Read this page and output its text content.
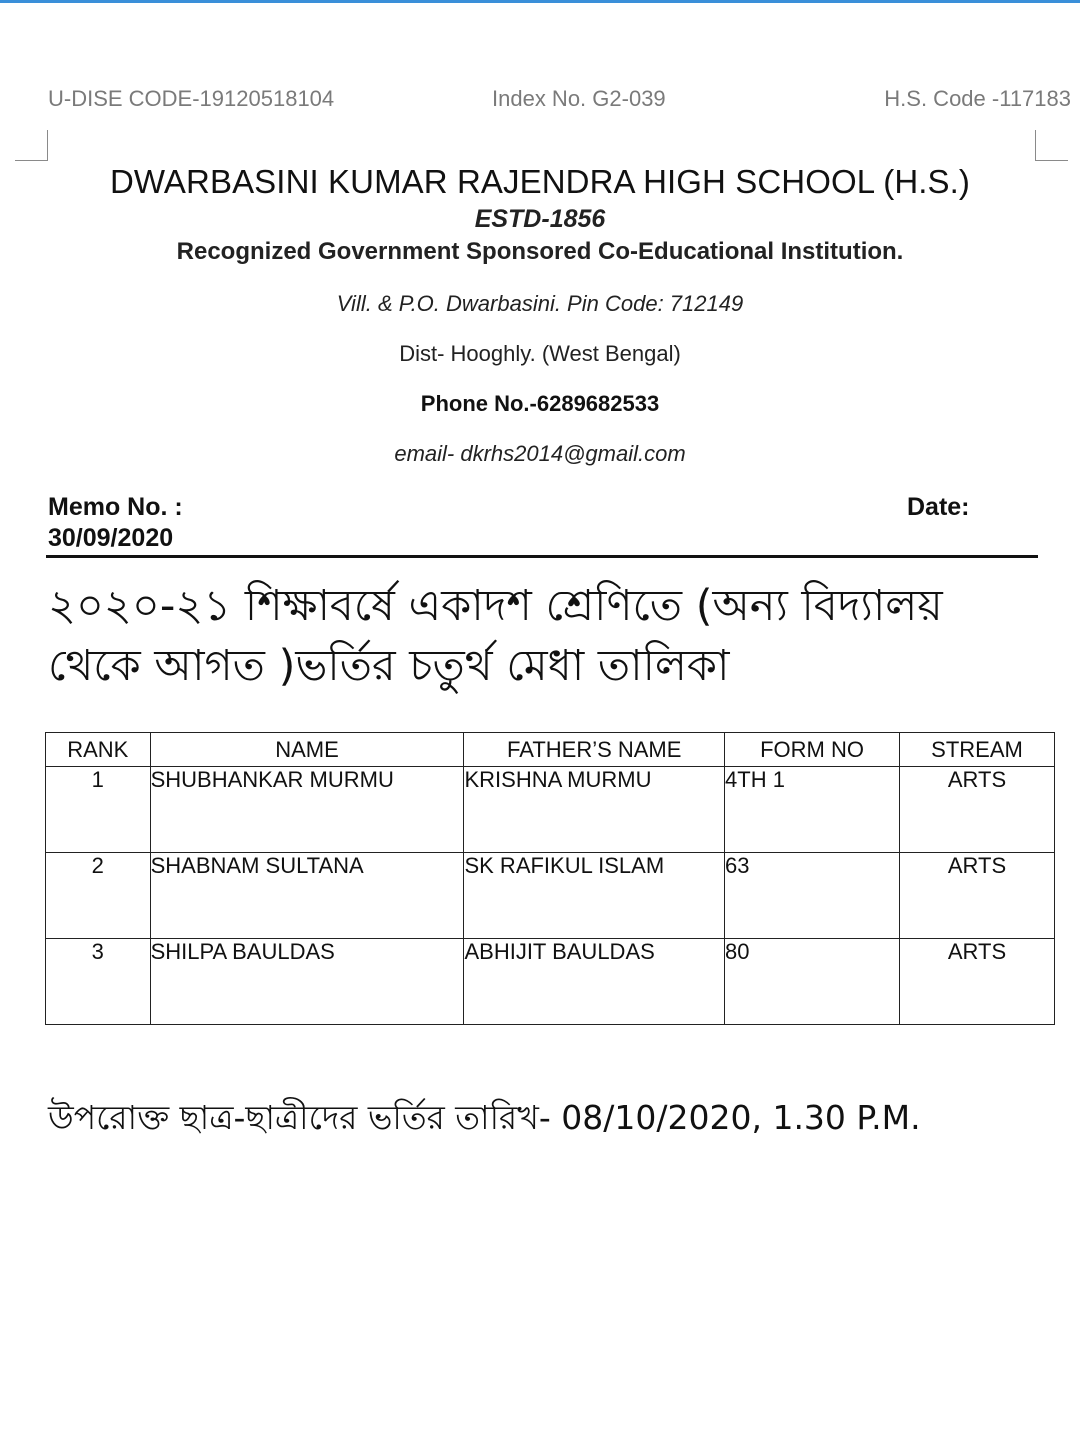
U-DISE CODE-19120518104	Index No. G2-039	H.S. Code -117183
DWARBASINI KUMAR RAJENDRA HIGH SCHOOL (H.S.)
ESTD-1856
Recognized Government Sponsored Co-Educational Institution.
Vill. & P.O. Dwarbasini. Pin Code: 712149
Dist- Hooghly. (West Bengal)
Phone No.-6289682533
email- dkrhs2014@gmail.com
Memo No. :
30/09/2020
Date:
২০২০-২১ শিক্ষাবর্ষে একাদশ শ্রেণিতে (অন্য বিদ্যালয় থেকে আগত )ভর্তির চতুর্থ মেধা তালিকা
RANK	NAME	FATHER’S NAME	FORM NO	STREAM

1	SHUBHANKAR MURMU	KRISHNA MURMU	4TH 1	ARTS

2	SHABNAM SULTANA	SK RAFIKUL ISLAM	63	ARTS

3	SHILPA BAULDAS	ABHIJIT BAULDAS	80	ARTS
উপরোক্ত ছাত্র-ছাত্রীদের ভর্তির তারিখ- 08/10/2020, 1.30 P.M.
